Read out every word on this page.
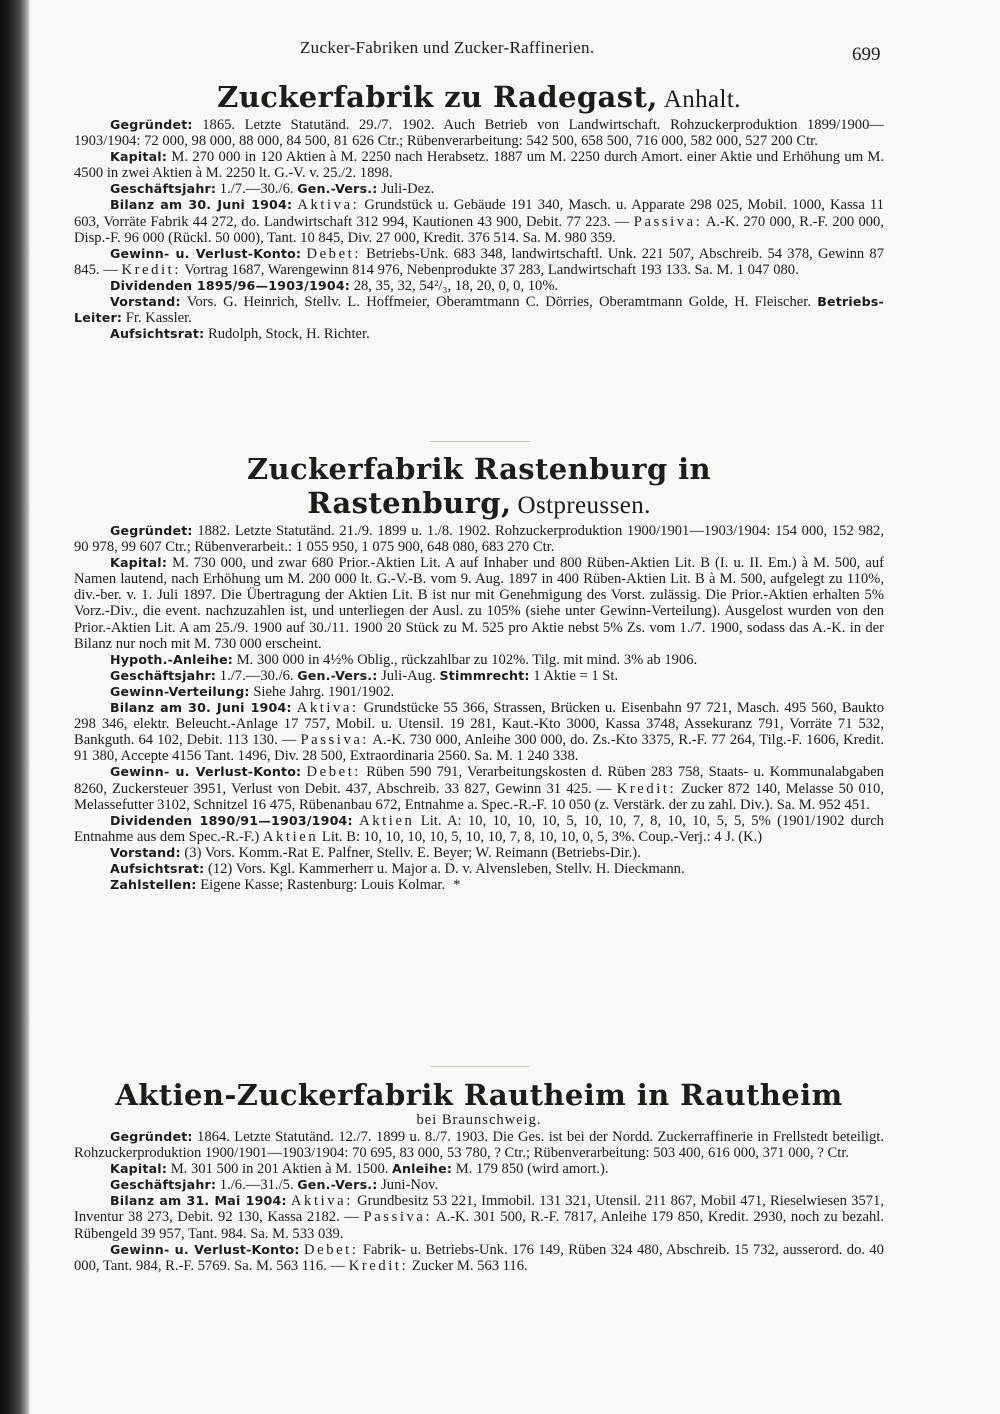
Zucker-Fabriken und Zucker-Raffinerien.	699
Zuckerfabrik zu Radegast, Anhalt.

Gegründet: 1865. Letzte Statutänd. 29./7. 1902. Auch Betrieb von Landwirtschaft. Rohzuckerproduktion 1899/1900—1903/1904: 72 000, 98 000, 88 000, 84 500, 81 626 Ctr.; Rübenverarbeitung: 542 500, 658 500, 716 000, 582 000, 527 200 Ctr.

Kapital: M. 270 000 in 120 Aktien à M. 2250 nach Herabsetz. 1887 um M. 2250 durch Amort. einer Aktie und Erhöhung um M. 4500 in zwei Aktien à M. 2250 lt. G.-V. v. 25./2. 1898.

Geschäftsjahr: 1./7.—30./6. Gen.-Vers.: Juli-Dez.

Bilanz am 30. Juni 1904: Aktiva: Grundstück u. Gebäude 191 340, Masch. u. Apparate 298 025, Mobil. 1000, Kassa 11 603, Vorräte Fabrik 44 272, do. Landwirtschaft 312 994, Kautionen 43 900, Debit. 77 223. — Passiva: A.-K. 270 000, R.-F. 200 000, Disp.-F. 96 000 (Rückl. 50 000), Tant. 10 845, Div. 27 000, Kredit. 376 514. Sa. M. 980 359.

Gewinn- u. Verlust-Konto: Debet: Betriebs-Unk. 683 348, landwirtschaftl. Unk. 221 507, Abschreib. 54 378, Gewinn 87 845. — Kredit: Vortrag 1687, Warengewinn 814 976, Nebenprodukte 37 283, Landwirtschaft 193 133. Sa. M. 1 047 080.

Dividenden 1895/96—1903/1904: 28, 35, 32, 54²/₃, 18, 20, 0, 0, 10%.

Vorstand: Vors. G. Heinrich, Stellv. L. Hoffmeier, Oberamtmann C. Dörries, Oberamtmann Golde, H. Fleischer. Betriebs-Leiter: Fr. Kassler.

Aufsichtsrat: Rudolph, Stock, H. Richter.

Zuckerfabrik Rastenburg in Rastenburg, Ostpreussen.

Gegründet: 1882. Letzte Statutänd. 21./9. 1899 u. 1./8. 1902. Rohzuckerproduktion 1900/1901—1903/1904: 154 000, 152 982, 90 978, 99 607 Ctr.; Rübenverarbeit.: 1 055 950, 1 075 900, 648 080, 683 270 Ctr.

Kapital: M. 730 000, und zwar 680 Prior.-Aktien Lit. A auf Inhaber und 800 Rüben-Aktien Lit. B (I. u. II. Em.) à M. 500, auf Namen lautend, nach Erhöhung um M. 200 000 lt. G.-V.-B. vom 9. Aug. 1897 in 400 Rüben-Aktien Lit. B à M. 500, aufgelegt zu 110%, div.-ber. v. 1. Juli 1897. Die Übertragung der Aktien Lit. B ist nur mit Genehmigung des Vorst. zulässig. Die Prior.-Aktien erhalten 5% Vorz.-Div., die event. nachzuzahlen ist, und unterliegen der Ausl. zu 105% (siehe unter Gewinn-Verteilung). Ausgelost wurden von den Prior.-Aktien Lit. A am 25./9. 1900 auf 30./11. 1900 20 Stück zu M. 525 pro Aktie nebst 5% Zs. vom 1./7. 1900, sodass das A.-K. in der Bilanz nur noch mit M. 730 000 erscheint.

Hypoth.-Anleihe: M. 300 000 in 4½% Oblig., rückzahlbar zu 102%. Tilg. mit mind. 3% ab 1906.

Geschäftsjahr: 1./7.—30./6. Gen.-Vers.: Juli-Aug. Stimmrecht: 1 Aktie = 1 St.

Gewinn-Verteilung: Siehe Jahrg. 1901/1902.

Bilanz am 30. Juni 1904: Aktiva: Grundstücke 55 366, Strassen, Brücken u. Eisenbahn 97 721, Masch. 495 560, Baukto 298 346, elektr. Beleucht.-Anlage 17 757, Mobil. u. Utensil. 19 281, Kaut.-Kto 3000, Kassa 3748, Assekuranz 791, Vorräte 71 532, Bankguth. 64 102, Debit. 113 130. — Passiva: A.-K. 730 000, Anleihe 300 000, do. Zs.-Kto 3375, R.-F. 77 264, Tilg.-F. 1606, Kredit. 91 380, Accepte 4156 Tant. 1496, Div. 28 500, Extraordinaria 2560. Sa. M. 1 240 338.

Gewinn- u. Verlust-Konto: Debet: Rüben 590 791, Verarbeitungskosten d. Rüben 283 758, Staats- u. Kommunalabgaben 8260, Zuckersteuer 3951, Verlust von Debit. 437, Abschreib. 33 827, Gewinn 31 425. — Kredit: Zucker 872 140, Melasse 50 010, Melassefutter 3102, Schnitzel 16 475, Rübenanbau 672, Entnahme a. Spec.-R.-F. 10 050 (z. Verstärk. der zu zahl. Div.). Sa. M. 952 451.

Dividenden 1890/91—1903/1904: Aktien Lit. A: 10, 10, 10, 10, 5, 10, 10, 7, 8, 10, 10, 5, 5, 5% (1901/1902 durch Entnahme aus dem Spec.-R.-F.) Aktien Lit. B: 10, 10, 10, 10, 5, 10, 10, 7, 8, 10, 10, 0, 5, 3%. Coup.-Verj.: 4 J. (K.)

Vorstand: (3) Vors. Komm.-Rat E. Palfner, Stellv. E. Beyer; W. Reimann (Betriebs-Dir.).

Aufsichtsrat: (12) Vors. Kgl. Kammerherr u. Major a. D. v. Alvensleben, Stellv. H. Dieckmann.

Zahlstellen: Eigene Kasse; Rastenburg: Louis Kolmar. *

Aktien-Zuckerfabrik Rautheim in Rautheim
bei Braunschweig.

Gegründet: 1864. Letzte Statutänd. 12./7. 1899 u. 8./7. 1903. Die Ges. ist bei der Nordd. Zuckerraffinerie in Frellstedt beteiligt. Rohzuckerproduktion 1900/1901—1903/1904: 70 695, 83 000, 53 780, ? Ctr.; Rübenverarbeitung: 503 400, 616 000, 371 000, ? Ctr.

Kapital: M. 301 500 in 201 Aktien à M. 1500. Anleihe: M. 179 850 (wird amort.).

Geschäftsjahr: 1./6.—31./5. Gen.-Vers.: Juni-Nov.

Bilanz am 31. Mai 1904: Aktiva: Grundbesitz 53 221, Immobil. 131 321, Utensil. 211 867, Mobil 471, Rieselwiesen 3571, Inventur 38 273, Debit. 92 130, Kassa 2182. — Passiva: A.-K. 301 500, R.-F. 7817, Anleihe 179 850, Kredit. 2930, noch zu bezahl. Rübengeld 39 957, Tant. 984. Sa. M. 533 039.

Gewinn- u. Verlust-Konto: Debet: Fabrik- u. Betriebs-Unk. 176 149, Rüben 324 480, Abschreib. 15 732, ausserord. do. 40 000, Tant. 984, R.-F. 5769. Sa. M. 563 116. — Kredit: Zucker M. 563 116.
